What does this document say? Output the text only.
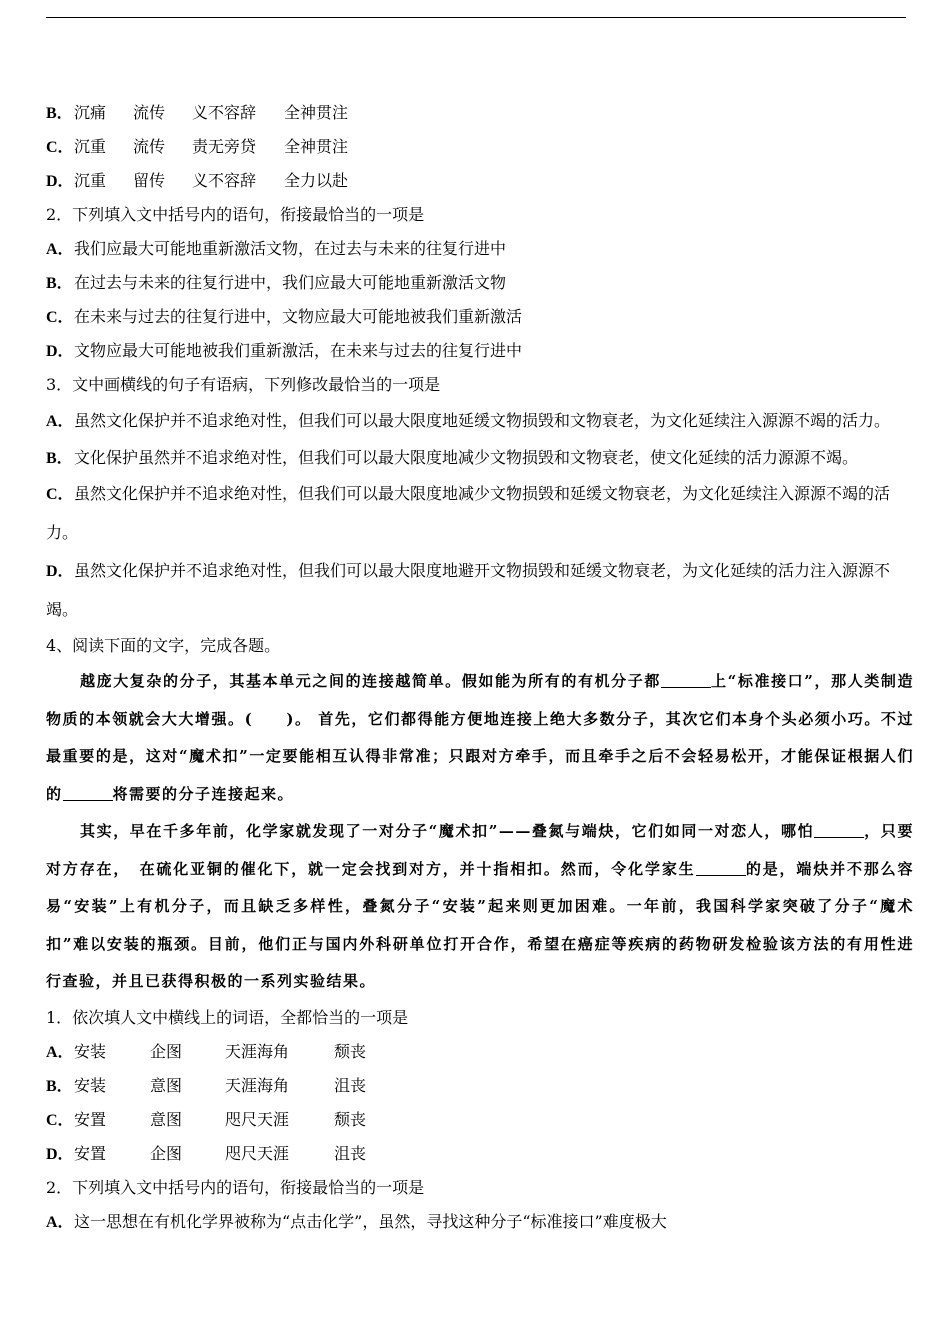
B． 沉痛 流传 义不容辞 全神贯注
C． 沉重 流传 责无旁贷 全神贯注
D． 沉重 留传 义不容辞 全力以赴
2．下列填入文中括号内的语句，衔接最恰当的一项是
A．我们应最大可能地重新激活文物，在过去与未来的往复行进中
B．在过去与未来的往复行进中，我们应最大可能地重新激活文物
C．在未来与过去的往复行进中，文物应最大可能地被我们重新激活
D．文物应最大可能地被我们重新激活，在未来与过去的往复行进中
3．文中画横线的句子有语病，下列修改最恰当的一项是
A．虽然文化保护并不追求绝对性，但我们可以最大限度地延缓文物损毁和文物衰老，为文化延续注入源源不竭的活力。
B．文化保护虽然并不追求绝对性，但我们可以最大限度地减少文物损毁和文物衰老，使文化延续的活力源源不竭。
C．虽然文化保护并不追求绝对性，但我们可以最大限度地减少文物损毁和延缓文物衰老，为文化延续注入源源不竭的活力。
D．虽然文化保护并不追求绝对性，但我们可以最大限度地避开文物损毁和延缓文物衰老，为文化延续的活力注入源源不竭。
4、阅读下面的文字，完成各题。

越庞大复杂的分子，其基本单元之间的连接越简单。假如能为所有的有机分子都	上“标准接口”，那人类制造物质的本领就会大大增强。(　　)。 首先，它们都得能方便地连接上绝大多数分子，其次它们本身个头必须小巧。不过最重要的是，这对“魔术扣”一定要能相互认得非常准；只跟对方牵手，而且牵手之后不会轻易松开，才能保证根据人们的	将需要的分子连接起来。

其实，早在千多年前，化学家就发现了一对分子“魔术扣”——叠氮与端炔，它们如同一对恋人，哪怕	，只要对方存在，　在硫化亚铜的催化下，就一定会找到对方，并十指相扣。然而，令化学家生	的是，端炔并不那么容易“安装”上有机分子，而且缺乏多样性，叠氮分子“安装”起来则更加困难。一年前，我国科学家突破了分子“魔术扣”难以安装的瓶颈。目前，他们正与国内外科研单位打开合作，希望在癌症等疾病的药物研发检验该方法的有用性进行查验，并且已获得积极的一系列实验结果。

1．依次填人文中横线上的词语，全都恰当的一项是
A． 安装	企图	天涯海角	颓丧
B． 安装	意图	天涯海角	沮丧
C． 安置	意图	咫尺天涯	颓丧
D． 安置	企图	咫尺天涯	沮丧
2．下列填入文中括号内的语句，衔接最恰当的一项是
A．这一思想在有机化学界被称为“点击化学”，虽然，寻找这种分子“标准接口”难度极大
